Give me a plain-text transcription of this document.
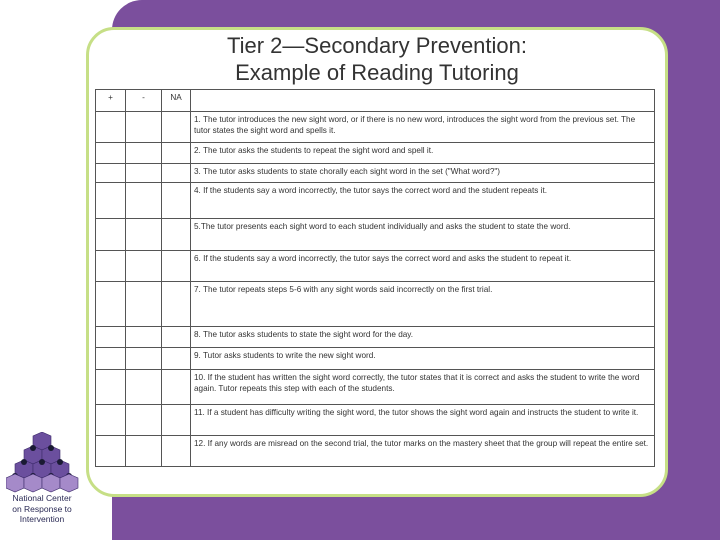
Tier 2—Secondary Prevention:
Example of Reading Tutoring
+	-	NA	
			1. The tutor introduces the new sight word, or if there is no new word, introduces the sight word from the previous set. The tutor states the sight word and spells it.
			2. The tutor asks the students to repeat the sight word and spell it.
			3. The tutor asks students to state chorally each sight word in the set ("What word?")
			4. If the students say a word incorrectly, the tutor says the correct word and the student repeats it.
			5.The tutor presents each sight word to each student individually and asks the student to state the word.
			6. If the students say a word incorrectly, the tutor says the correct word and asks the student to repeat it.
			7. The tutor repeats steps 5-6 with any sight words said incorrectly on the first trial.
			8. The tutor asks students to state the sight word for the day.
			9. Tutor asks students to write the new sight word.
			10. If the student has written the sight word correctly, the tutor states that it is correct and asks the student to write the word again. Tutor repeats this step with each of the students.
			11. If a student has difficulty writing the sight word, the tutor shows the sight word again and instructs the student to write it.
			12. If any words are misread on the second trial, the tutor marks on the mastery sheet that the group will repeat the entire set.
National Center
on Response to
Intervention
